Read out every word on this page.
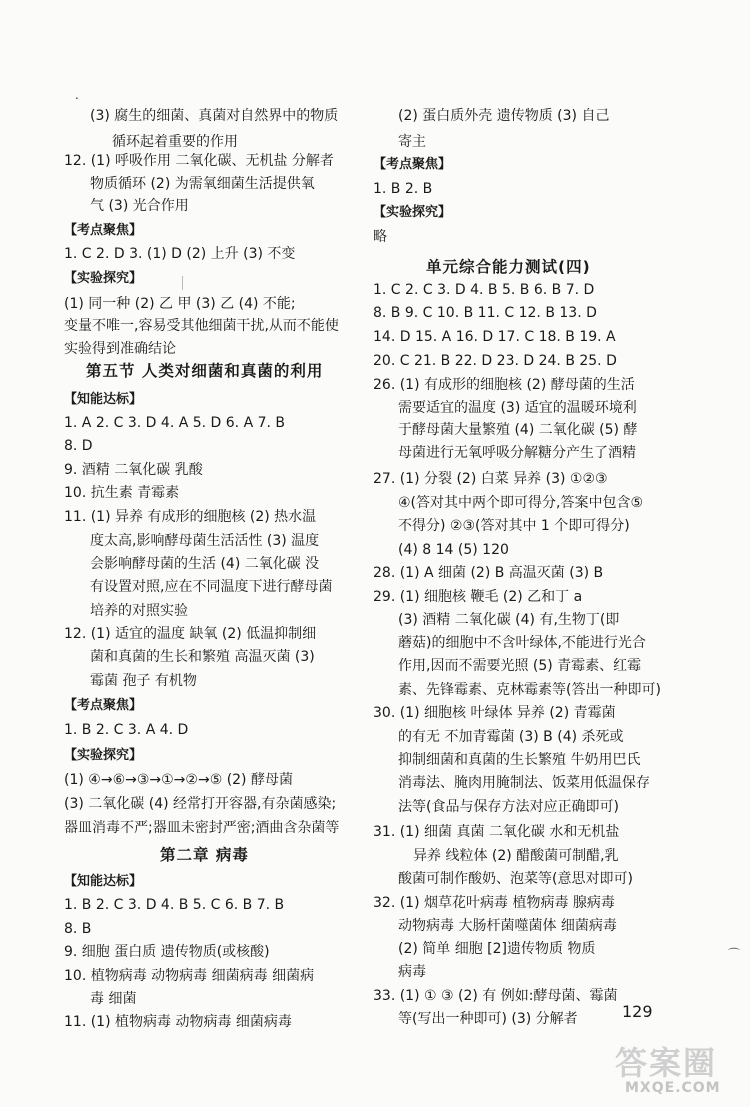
(3) 腐生的细菌、真菌对自然界中的物质
循环起着重要的作用
12. (1) 呼吸作用 二氧化碳、无机盐 分解者
物质循环 (2) 为需氧细菌生活提供氧
气 (3) 光合作用
【考点聚焦】
1. C 2. D 3. (1) D (2) 上升 (3) 不变
【实验探究】
(1) 同一种 (2) 乙 甲 (3) 乙 (4) 不能;
变量不唯一,容易受其他细菌干扰,从而不能使
实验得到准确结论
第五节 人类对细菌和真菌的利用
【知能达标】
1. A 2. C 3. D 4. A 5. D 6. A 7. B
8. D
9. 酒精 二氧化碳 乳酸
10. 抗生素 青霉素
11. (1) 异养 有成形的细胞核 (2) 热水温
度太高,影响酵母菌生活活性 (3) 温度
会影响酵母菌的生活 (4) 二氧化碳 没
有设置对照,应在不同温度下进行酵母菌
培养的对照实验
12. (1) 适宜的温度 缺氧 (2) 低温抑制细
菌和真菌的生长和繁殖 高温灭菌 (3)
霉菌 孢子 有机物
【考点聚焦】
1. B 2. C 3. A 4. D
【实验探究】
(1) ④→⑥→③→①→②→⑤ (2) 酵母菌
(3) 二氧化碳 (4) 经常打开容器,有杂菌感染;
器皿消毒不严;器皿未密封严密;酒曲含杂菌等
第二章 病毒
【知能达标】
1. B 2. C 3. D 4. B 5. C 6. B 7. B
8. B
9. 细胞 蛋白质 遗传物质(或核酸)
10. 植物病毒 动物病毒 细菌病毒 细菌病
毒 细菌
11. (1) 植物病毒 动物病毒 细菌病毒
(2) 蛋白质外壳 遗传物质 (3) 自己
寄主
【考点聚焦】
1. B 2. B
【实验探究】
略
单元综合能力测试(四)
1. C 2. C 3. D 4. B 5. B 6. B 7. D
8. B 9. C 10. B 11. C 12. B 13. D
14. D 15. A 16. D 17. C 18. B 19. A
20. C 21. B 22. D 23. D 24. B 25. D
26. (1) 有成形的细胞核 (2) 酵母菌的生活
需要适宜的温度 (3) 适宜的温暖环境利
于酵母菌大量繁殖 (4) 二氧化碳 (5) 酵
母菌进行无氧呼吸分解糖分产生了酒精
27. (1) 分裂 (2) 白菜 异养 (3) ①②③
④(答对其中两个即可得分,答案中包含⑤
不得分) ②③(答对其中 1 个即可得分)
(4) 8 14 (5) 120
28. (1) A 细菌 (2) B 高温灭菌 (3) B
29. (1) 细胞核 鞭毛 (2) 乙和丁 a
(3) 酒精 二氧化碳 (4) 有,生物丁(即
蘑菇)的细胞中不含叶绿体,不能进行光合
作用,因而不需要光照 (5) 青霉素、红霉
素、先锋霉素、克林霉素等(答出一种即可)
30. (1) 细胞核 叶绿体 异养 (2) 青霉菌
的有无 不加青霉菌 (3) B (4) 杀死或
抑制细菌和真菌的生长繁殖 牛奶用巴氏
消毒法、腌肉用腌制法、饭菜用低温保存
法等(食品与保存方法对应正确即可)
31. (1) 细菌 真菌 二氧化碳 水和无机盐
异养 线粒体 (2) 醋酸菌可制醋,乳
酸菌可制作酸奶、泡菜等(意思对即可)
32. (1) 烟草花叶病毒 植物病毒 腺病毒
动物病毒 大肠杆菌噬菌体 细菌病毒
(2) 简单 细胞 [2]遗传物质 物质
病毒
33. (1) ① ③ (2) 有 例如:酵母菌、霉菌
等(写出一种即可) (3) 分解者
.
⌒
129
答案圈
MXQE.COM
